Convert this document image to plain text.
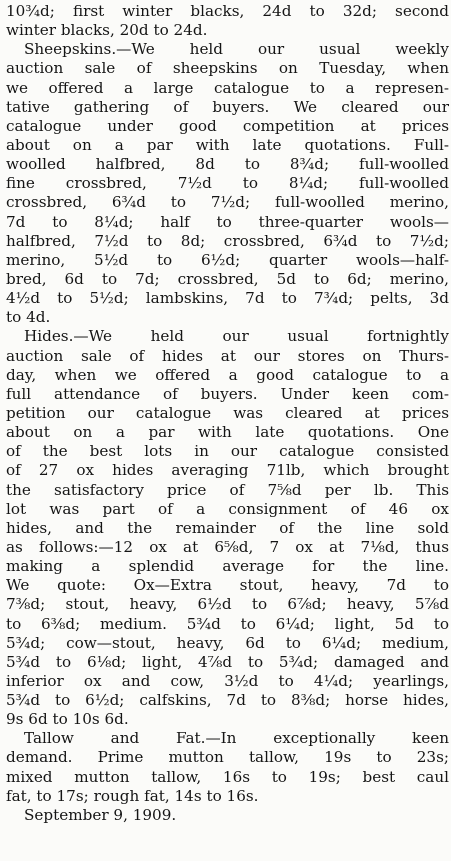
10¾d; first winter blacks, 24d to 32d; second
winter blacks, 20d to 24d.
Sheepskins.—We held our usual weekly
auction sale of sheepskins on Tuesday, when
we offered a large catalogue to a represen-
tative gathering of buyers. We cleared our
catalogue under good competition at prices
about on a par with late quotations. Full-
woolled halfbred, 8d to 8¾d; full-woolled
fine crossbred, 7½d to 8¼d; full-woolled
crossbred, 6¾d to 7½d; full-woolled merino,
7d to 8¼d; half to three-quarter wools—
halfbred, 7½d to 8d; crossbred, 6¾d to 7½d;
merino, 5½d to 6½d; quarter wools—half-
bred, 6d to 7d; crossbred, 5d to 6d; merino,
4½d to 5½d; lambskins, 7d to 7¾d; pelts, 3d
to 4d.
Hides.—We held our usual fortnightly
auction sale of hides at our stores on Thurs-
day, when we offered a good catalogue to a
full attendance of buyers. Under keen com-
petition our catalogue was cleared at prices
about on a par with late quotations. One
of the best lots in our catalogue consisted
of 27 ox hides averaging 71lb, which brought
the satisfactory price of 7⅝d per lb. This
lot was part of a consignment of 46 ox
hides, and the remainder of the line sold
as follows:—12 ox at 6⅝d, 7 ox at 7⅛d, thus
making a splendid average for the line.
We quote: Ox—Extra stout, heavy, 7d to
7⅜d; stout, heavy, 6½d to 6⅞d; heavy, 5⅞d
to 6⅜d; medium. 5¾d to 6¼d; light, 5d to
5¾d; cow—stout, heavy, 6d to 6¼d; medium,
5¾d to 6⅛d; light, 4⅞d to 5¾d; damaged and
inferior ox and cow, 3½d to 4¼d; yearlings,
5¾d to 6½d; calfskins, 7d to 8⅜d; horse hides,
9s 6d to 10s 6d.
Tallow and Fat.—In exceptionally keen
demand. Prime mutton tallow, 19s to 23s;
mixed mutton tallow, 16s to 19s; best caul
fat, to 17s; rough fat, 14s to 16s.
September 9, 1909.
